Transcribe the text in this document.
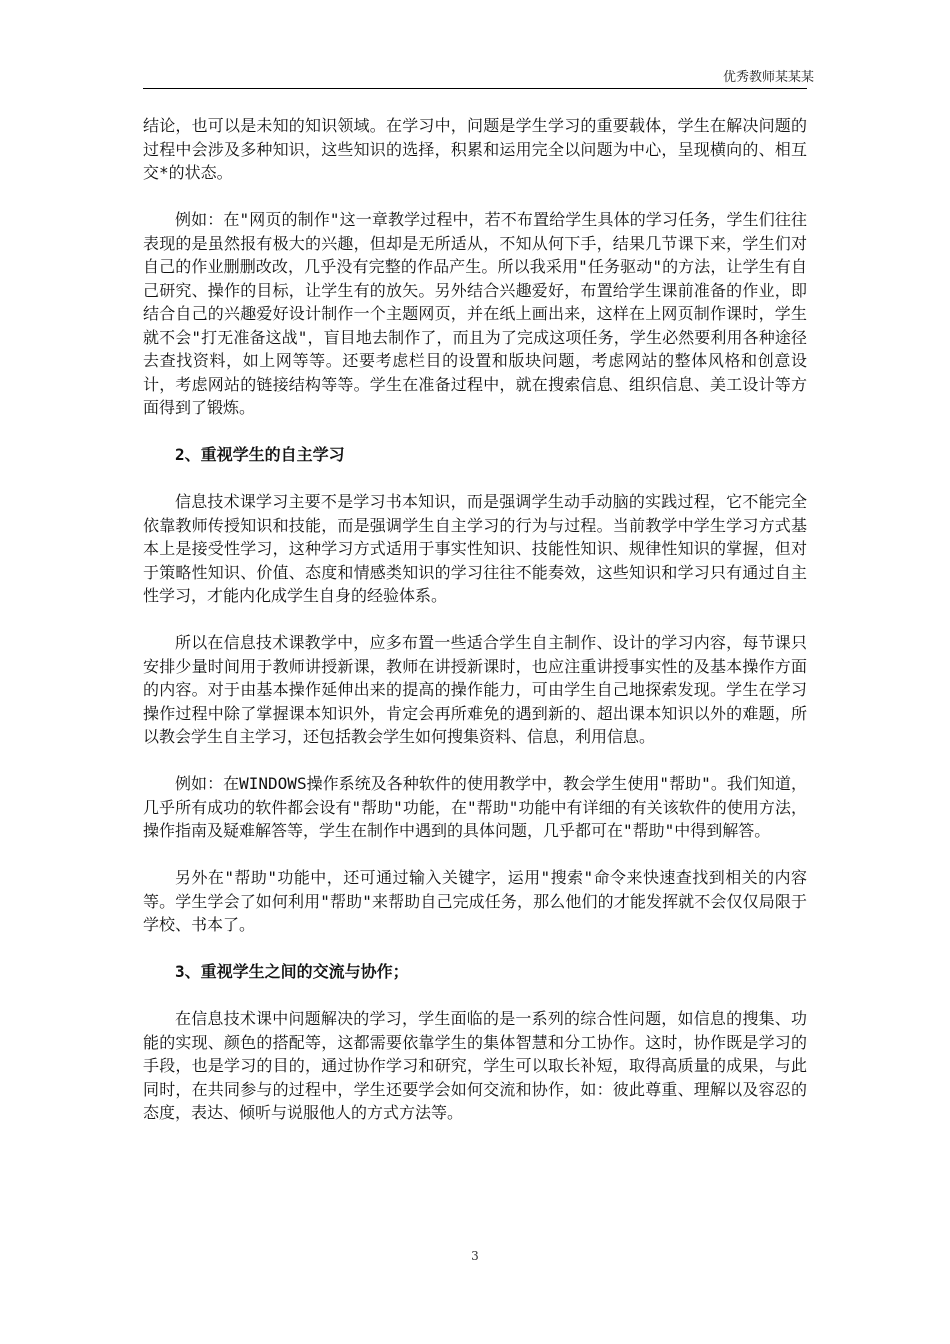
优秀教师某某某

结论，也可以是未知的知识领域。在学习中，问题是学生学习的重要载体，学生在解决问题的过程中会涉及多种知识，这些知识的选择，积累和运用完全以问题为中心，呈现横向的、相互交*的状态。

例如：在"网页的制作"这一章教学过程中，若不布置给学生具体的学习任务，学生们往往表现的是虽然报有极大的兴趣，但却是无所适从，不知从何下手，结果几节课下来，学生们对自己的作业删删改改，几乎没有完整的作品产生。所以我采用"任务驱动"的方法，让学生有自己研究、操作的目标，让学生有的放矢。另外结合兴趣爱好，布置给学生课前准备的作业，即结合自己的兴趣爱好设计制作一个主题网页，并在纸上画出来，这样在上网页制作课时，学生就不会"打无准备这战"，盲目地去制作了，而且为了完成这项任务，学生必然要利用各种途径去查找资料，如上网等等。还要考虑栏目的设置和版块问题，考虑网站的整体风格和创意设计，考虑网站的链接结构等等。学生在准备过程中，就在搜索信息、组织信息、美工设计等方面得到了锻炼。

2、重视学生的自主学习

信息技术课学习主要不是学习书本知识，而是强调学生动手动脑的实践过程，它不能完全依靠教师传授知识和技能，而是强调学生自主学习的行为与过程。当前教学中学生学习方式基本上是接受性学习，这种学习方式适用于事实性知识、技能性知识、规律性知识的掌握，但对于策略性知识、价值、态度和情感类知识的学习往往不能奏效，这些知识和学习只有通过自主性学习，才能内化成学生自身的经验体系。

所以在信息技术课教学中，应多布置一些适合学生自主制作、设计的学习内容，每节课只安排少量时间用于教师讲授新课，教师在讲授新课时，也应注重讲授事实性的及基本操作方面的内容。对于由基本操作延伸出来的提高的操作能力，可由学生自己地探索发现。学生在学习操作过程中除了掌握课本知识外，肯定会再所难免的遇到新的、超出课本知识以外的难题，所以教会学生自主学习，还包括教会学生如何搜集资料、信息，利用信息。

例如：在WINDOWS操作系统及各种软件的使用教学中，教会学生使用"帮助"。我们知道，几乎所有成功的软件都会设有"帮助"功能，在"帮助"功能中有详细的有关该软件的使用方法，操作指南及疑难解答等，学生在制作中遇到的具体问题，几乎都可在"帮助"中得到解答。

另外在"帮助"功能中，还可通过输入关键字，运用"搜索"命令来快速查找到相关的内容等。学生学会了如何利用"帮助"来帮助自己完成任务，那么他们的才能发挥就不会仅仅局限于学校、书本了。

3、重视学生之间的交流与协作；

在信息技术课中问题解决的学习，学生面临的是一系列的综合性问题，如信息的搜集、功能的实现、颜色的搭配等，这都需要依靠学生的集体智慧和分工协作。这时，协作既是学习的手段，也是学习的目的，通过协作学习和研究，学生可以取长补短，取得高质量的成果，与此同时，在共同参与的过程中，学生还要学会如何交流和协作，如：彼此尊重、理解以及容忍的态度，表达、倾听与说服他人的方式方法等。

3
